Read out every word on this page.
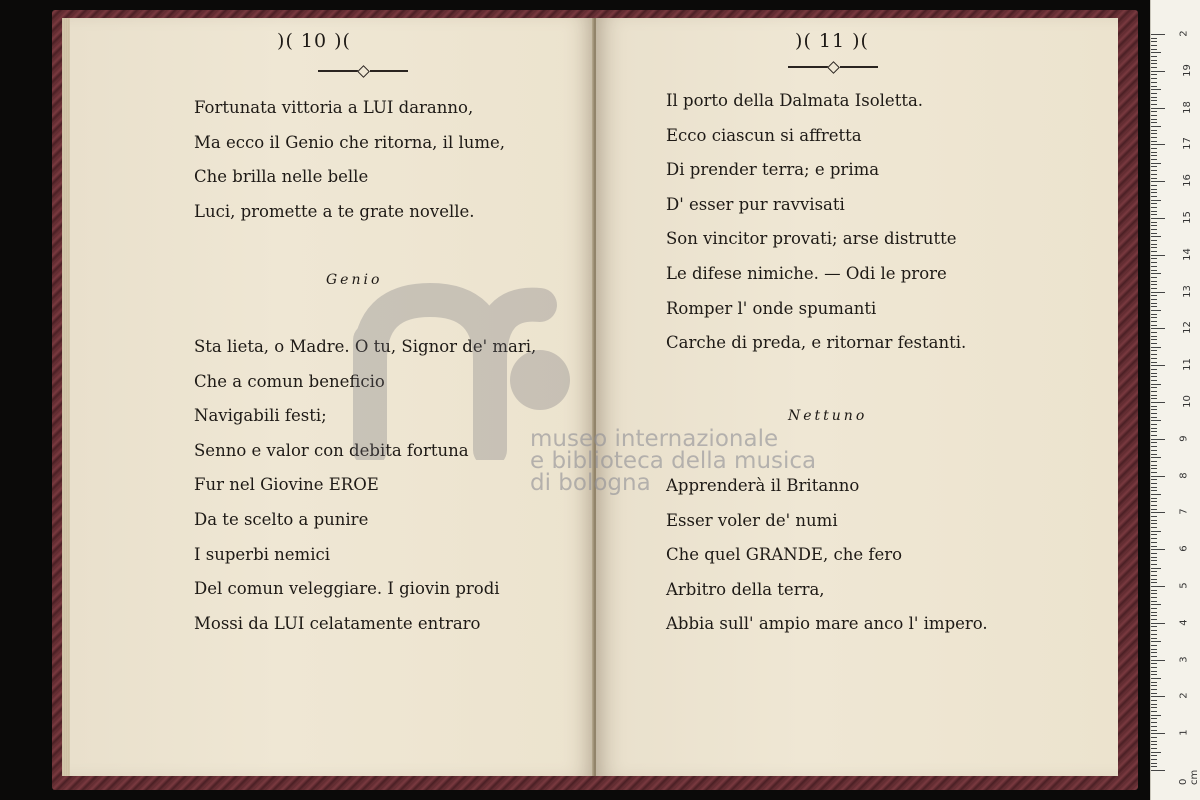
)( 10 )(
Fortunata vittoria a LUI daranno,
Ma ecco il Genio che ritorna, il lume,
Che brilla nelle belle
Luci, promette a te grate novelle.
Genio
Sta lieta, o Madre. O tu, Signor de' mari,
Che a comun beneficio
Navigabili festi;
Senno e valor con debita fortuna
Fur nel Giovine EROE
Da te scelto a punire
I superbi nemici
Del comun veleggiare. I giovin prodi
Mossi da LUI celatamente entraro
)( 11 )(
Il porto della Dalmata Isoletta.
Ecco ciascun si affretta
Di prender terra; e prima
D' esser pur ravvisati
Son vincitor provati; arse distrutte
Le difese nimiche. — Odi le prore
Romper l' onde spumanti
Carche di preda, e ritornar festanti.
Nettuno
Apprenderà il Britanno
Esser voler de' numi
Che quel GRANDE, che fero
Arbitro della terra,
Abbia sull' ampio mare anco l' impero.
museo internazionale
e biblioteca della musica
di bologna
0 cm
1
2
3
4
5
6
7
8
9
10
11
12
13
14
15
16
17
18
19
2
